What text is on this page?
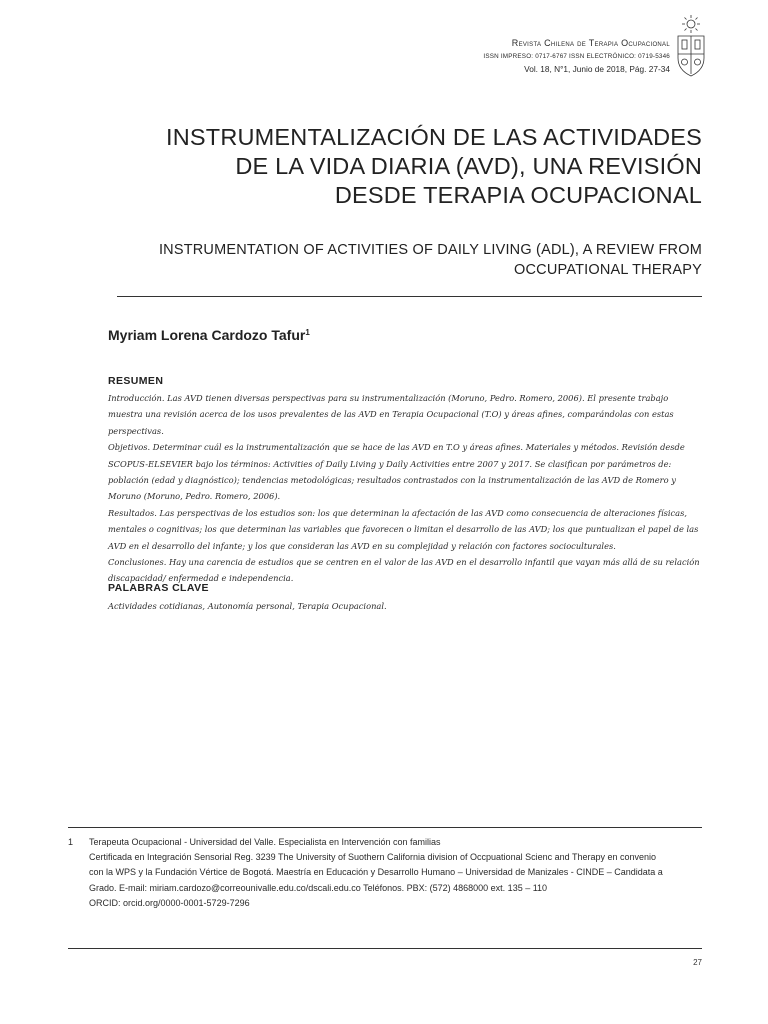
Revista Chilena de Terapia Ocupacional
ISSN IMPRESO: 0717-6767 ISSN ELECTRÓNICO: 0719-5346
Vol. 18, N°1, Junio de 2018, Pág. 27-34
INSTRUMENTALIZACIÓN DE LAS ACTIVIDADES
DE LA VIDA DIARIA (AVD), UNA REVISIÓN
DESDE TERAPIA OCUPACIONAL
INSTRUMENTATION OF ACTIVITIES OF DAILY LIVING (ADL), A REVIEW FROM
OCCUPATIONAL THERAPY
Myriam Lorena Cardozo Tafur$^1$
RESUMEN

Introducción. Las AVD tienen diversas perspectivas para su instrumentalización (Moruno, Pedro. Romero, 2006). El presente trabajo muestra una revisión acerca de los usos prevalentes de las AVD en Terapia Ocupacional (T.O) y áreas afines, comparándolas con estas perspectivas.

Objetivos. Determinar cuál es la instrumentalización que se hace de las AVD en T.O y áreas afines. Materiales y métodos. Revisión desde SCOPUS-ELSEVIER bajo los términos: Activities of Daily Living y Daily Activities entre 2007 y 2017. Se clasifican por parámetros de: población (edad y diagnóstico); tendencias metodológicas; resultados contrastados con la instrumentalización de las AVD de Romero y Moruno (Moruno, Pedro. Romero, 2006).

Resultados. Las perspectivas de los estudios son: los que determinan la afectación de las AVD como consecuencia de alteraciones físicas, mentales o cognitivas; los que determinan las variables que favorecen o limitan el desarrollo de las AVD; los que puntualizan el papel de las AVD en el desarrollo del infante; y los que consideran las AVD en su complejidad y relación con factores socioculturales.

Conclusiones. Hay una carencia de estudios que se centren en el valor de las AVD en el desarrollo infantil que vayan más allá de su relación discapacidad/ enfermedad e independencia.

PALABRAS CLAVE
Actividades cotidianas, Autonomía personal, Terapia Ocupacional.
1 Terapeuta Ocupacional - Universidad del Valle. Especialista en Intervención con familias
Certificada en Integración Sensorial Reg. 3239 The University of Suothern California division of Occpuational Scienc and Therapy en convenio
con la WPS y la Fundación Vértice de Bogotá. Maestría en Educación y Desarrollo Humano – Universidad de Manizales - CINDE – Candidata a
Grado. E-mail: miriam.cardozo@correounivalle.edu.co/dscali.edu.co Teléfonos. PBX: (572) 4868000 ext. 135 – 110
ORCID: orcid.org/0000-0001-5729-7296
27
